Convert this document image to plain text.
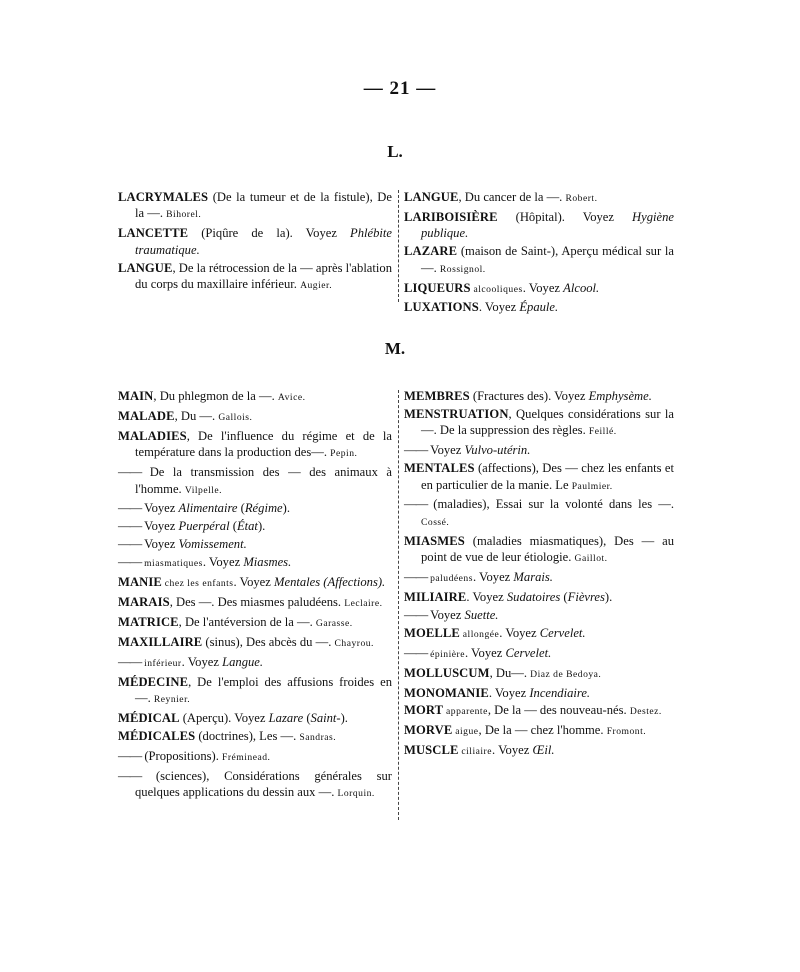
— 21 —
L.
LACRYMALES (De la tumeur et de la fistule), De la —. Bihorel.
LANCETTE (Piqûre de la). Voyez Phlébite traumatique.
LANGUE, De la rétrocession de la — après l'ablation du corps du maxillaire inférieur. Augier.
LANGUE, Du cancer de la —. Robert.
LARIBOISIÈRE (Hôpital). Voyez Hygiène publique.
LAZARE (maison de Saint-), Aperçu médical sur la —. Rossignol.
LIQUEURS alcooliques. Voyez Alcool.
LUXATIONS. Voyez Épaule.
M.
MAIN, Du phlegmon de la —. Avice.
MALADE, Du —. Gallois.
MALADIES, De l'influence du régime et de la température dans la production des—. Pepin.
—— De la transmission des — des animaux à l'homme. Vilpelle.
—— Voyez Alimentaire (Régime).
—— Voyez Puerpéral (État).
—— Voyez Vomissement.
—— miasmatiques. Voyez Miasmes.
MANIE chez les enfants. Voyez Mentales (Affections).
MARAIS, Des —. Des miasmes paludéens. Leclaire.
MATRICE, De l'antéversion de la —. Garasse.
MAXILLAIRE (sinus), Des abcès du —. Chayrou.
—— inférieur. Voyez Langue.
MÉDECINE, De l'emploi des affusions froides en —. Reynier.
MÉDICAL (Aperçu). Voyez Lazare (Saint-).
MÉDICALES (doctrines), Les —. Sandras.
—— (Propositions). Fréminead.
—— (sciences), Considérations générales sur quelques applications du dessin aux —. Lorquin.
MEMBRES (Fractures des). Voyez Emphysème.
MENSTRUATION, Quelques considérations sur la —. De la suppression des règles. Feillé.
—— Voyez Vulvo-utérin.
MENTALES (affections), Des — chez les enfants et en particulier de la manie. Le Paulmier.
—— (maladies), Essai sur la volonté dans les —. Cossé.
MIASMES (maladies miasmatiques), Des — au point de vue de leur étiologie. Gaillot.
—— paludéens. Voyez Marais.
MILIAIRE. Voyez Sudatoires (Fièvres).
—— Voyez Suette.
MOELLE allongée. Voyez Cervelet.
—— épinière. Voyez Cervelet.
MOLLUSCUM, Du—. Diaz de Bedoya.
MONOMANIE. Voyez Incendiaire.
MORT apparente, De la — des nouveau-nés. Destez.
MORVE aigue, De la — chez l'homme. Fromont.
MUSCLE ciliaire. Voyez Œil.
